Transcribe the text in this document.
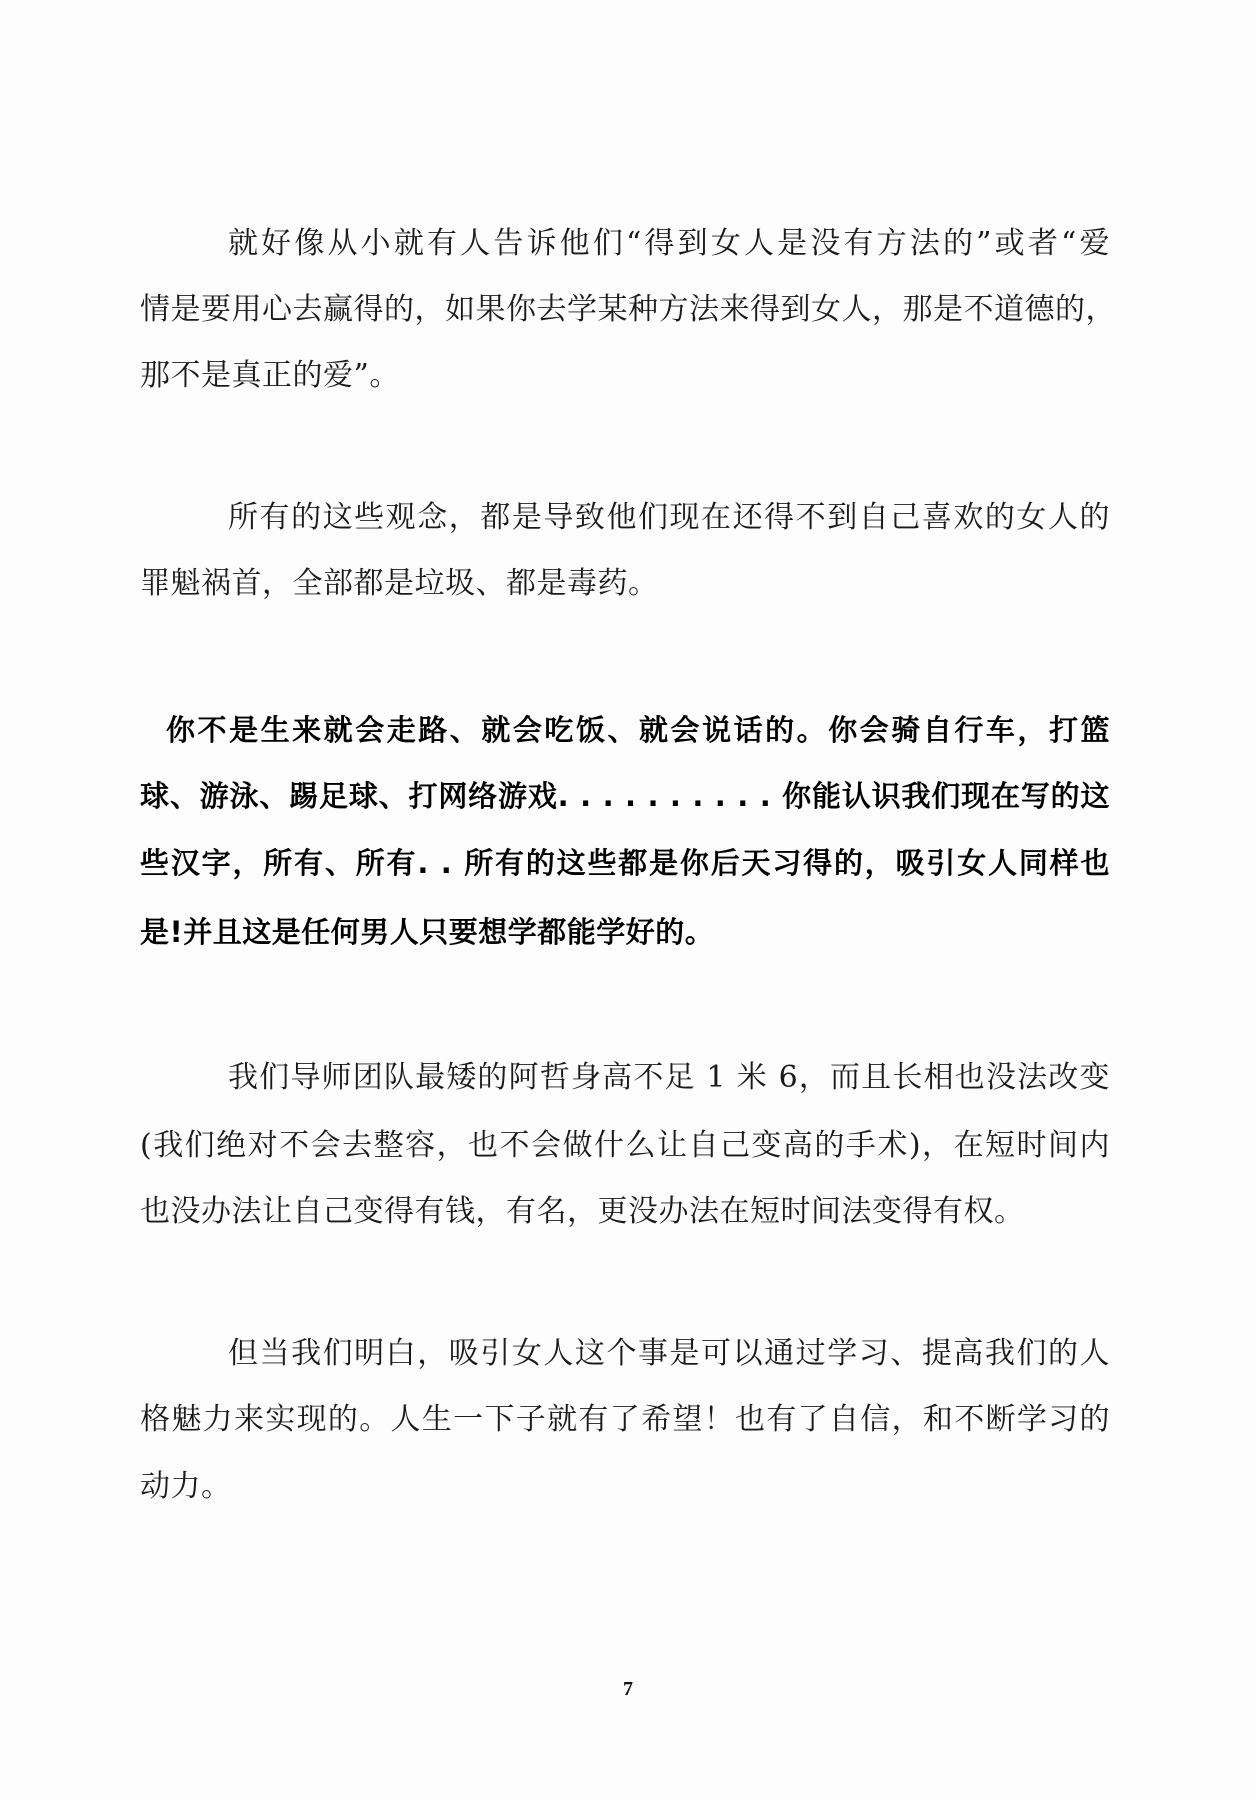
就好像从小就有人告诉他们“得到女人是没有方法的”或者“爱

情是要用心去赢得的，如果你去学某种方法来得到女人，那是不道德的，

那不是真正的爱”。

所有的这些观念，都是导致他们现在还得不到自己喜欢的女人的

罪魁祸首，全部都是垃圾、都是毒药。

你不是生来就会走路、就会吃饭、就会说话的。你会骑自行车，打篮

球、游泳、踢足球、打网络游戏. . . . . . . . . . 你能认识我们现在写的这

些汉字，所有、所有. . 所有的这些都是你后天习得的，吸引女人同样也

是!并且这是任何男人只要想学都能学好的。

我们导师团队最矮的阿哲身高不足 1 米 6，而且长相也没法改变

(我们绝对不会去整容，也不会做什么让自己变高的手术)，在短时间内

也没办法让自己变得有钱，有名，更没办法在短时间法变得有权。

但当我们明白，吸引女人这个事是可以通过学习、提高我们的人

格魅力来实现的。人生一下子就有了希望！也有了自信，和不断学习的

动力。

7
